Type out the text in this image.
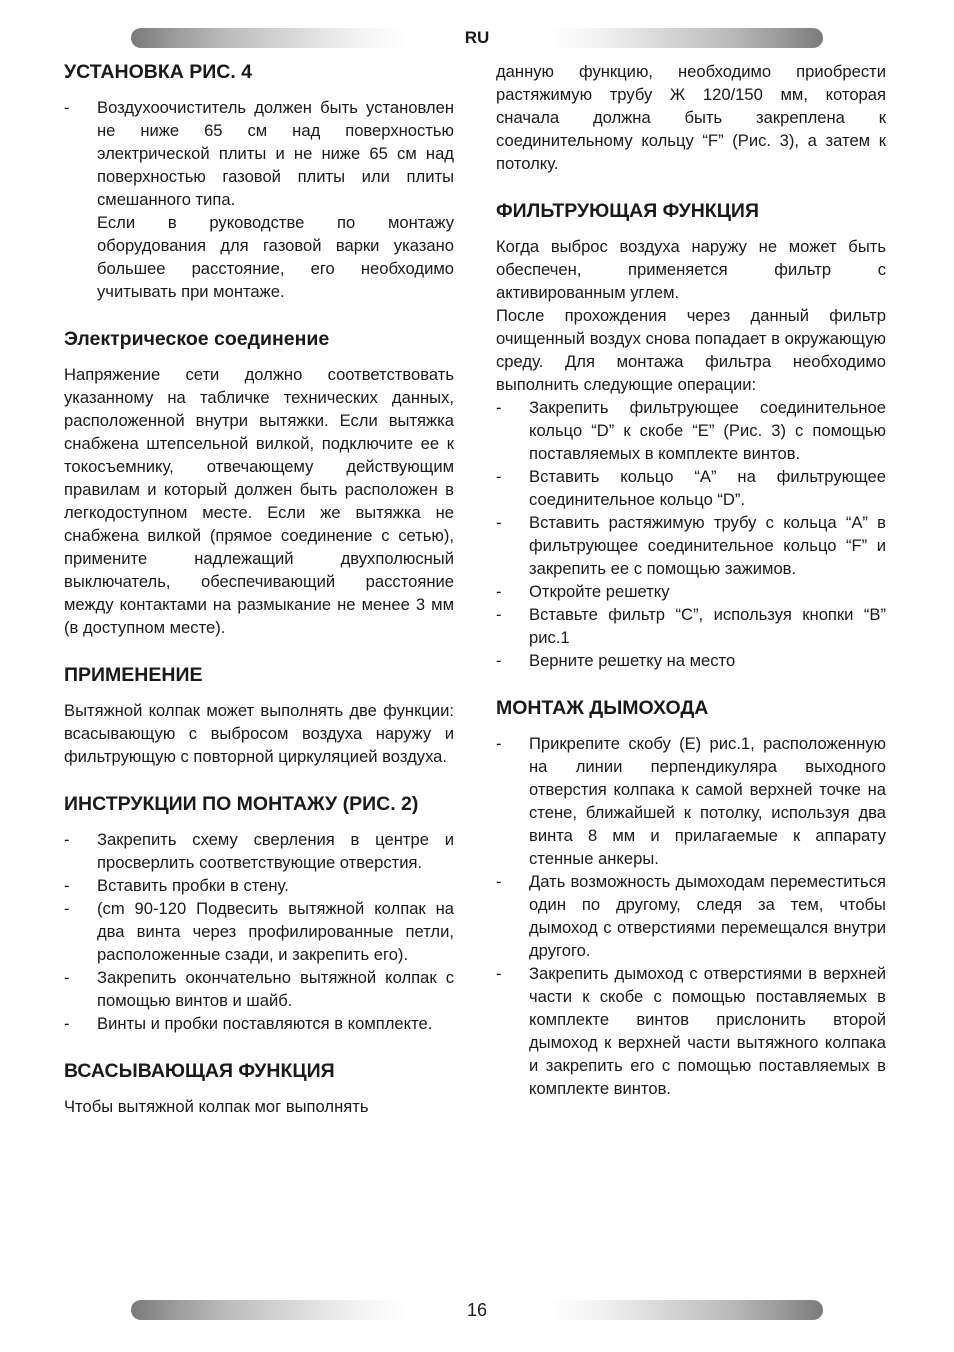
RU
УСТАНОВКА РИС. 4
- Воздухоочиститель должен быть установлен не ниже 65 см над поверхностью электрической плиты и не ниже 65 см над поверхностью газовой плиты или плиты смешанного типа.
Если в руководстве по монтажу оборудования для газовой варки указано большее расстояние, его необходимо учитывать при монтаже.
Электрическое соединение

Напряжение сети должно соответствовать указанному на табличке технических данных, расположенной внутри вытяжки. Если вытяжка снабжена штепсельной вилкой, подключите ее к токосъемнику, отвечающему действующим правилам и который должен быть расположен в легкодоступном месте. Если же вытяжка не снабжена вилкой (прямое соединение с сетью), примените надлежащий двухполюсный выключатель, обеспечивающий расстояние между контактами на размыкание не менее 3 мм (в доступном месте).

ПРИМЕНЕНИЕ

Вытяжной колпак может выполнять две функции: всасывающую с выбросом воздуха наружу и фильтрующую с повторной циркуляцией воздуха.

ИНСТРУКЦИИ ПО МОНТАЖУ (РИС. 2)
- Закрепить схему сверления в центре и просверлить соответствующие отверстия.
- Вставить пробки в стену.
- (cm 90-120 Подвесить вытяжной колпак на два винта через профилированные петли, расположенные сзади, и закрепить его).
- Закрепить окончательно вытяжной колпак с помощью винтов и шайб.
- Винты и пробки поставляются в комплекте.
ВСАСЫВАЮЩАЯ ФУНКЦИЯ

Чтобы вытяжной колпак мог выполнять

данную функцию, необходимо приобрести растяжимую трубу Ж 120/150 мм, которая сначала должна быть закреплена к соединительному кольцу “F” (Рис. 3), а затем к потолку.

ФИЛЬТРУЮЩАЯ ФУНКЦИЯ

Когда выброс воздуха наружу не может быть обеспечен, применяется фильтр с активированным углем.

После прохождения через данный фильтр очищенный воздух снова попадает в окружающую среду. Для монтажа фильтра необходимо выполнить следующие операции:

- Закрепить фильтрующее соединительное кольцо “D” к скобе “E” (Рис. 3) с помощью поставляемых в комплекте винтов.
- Вставить кольцо “A” на фильтрующее соединительное кольцо “D”.
- Вставить растяжимую трубу с кольца “A” в фильтрующее соединительное кольцо “F” и закрепить ее с помощью зажимов.
- Откройте решетку
- Вставьте фильтр “C”, используя кнопки “B” рис.1
- Верните решетку на место
МОНТАЖ ДЫМОХОДА
- Прикрепите скобу (E) рис.1, расположенную на линии перпендикуляра выходного отверстия колпака к самой верхней точке на стене, ближайшей к потолку, используя два винта 8 мм и прилагаемые к аппарату стенные анкеры.
- Дать возможность дымоходам переместиться один по другому, следя за тем, чтобы дымоход с отверстиями перемещался внутри другого.
- Закрепить дымоход с отверстиями в верхней части к скобе с помощью поставляемых в комплекте винтов прислонить второй дымоход к верхней части вытяжного колпака и закрепить его с помощью поставляемых в комплекте винтов.
16
